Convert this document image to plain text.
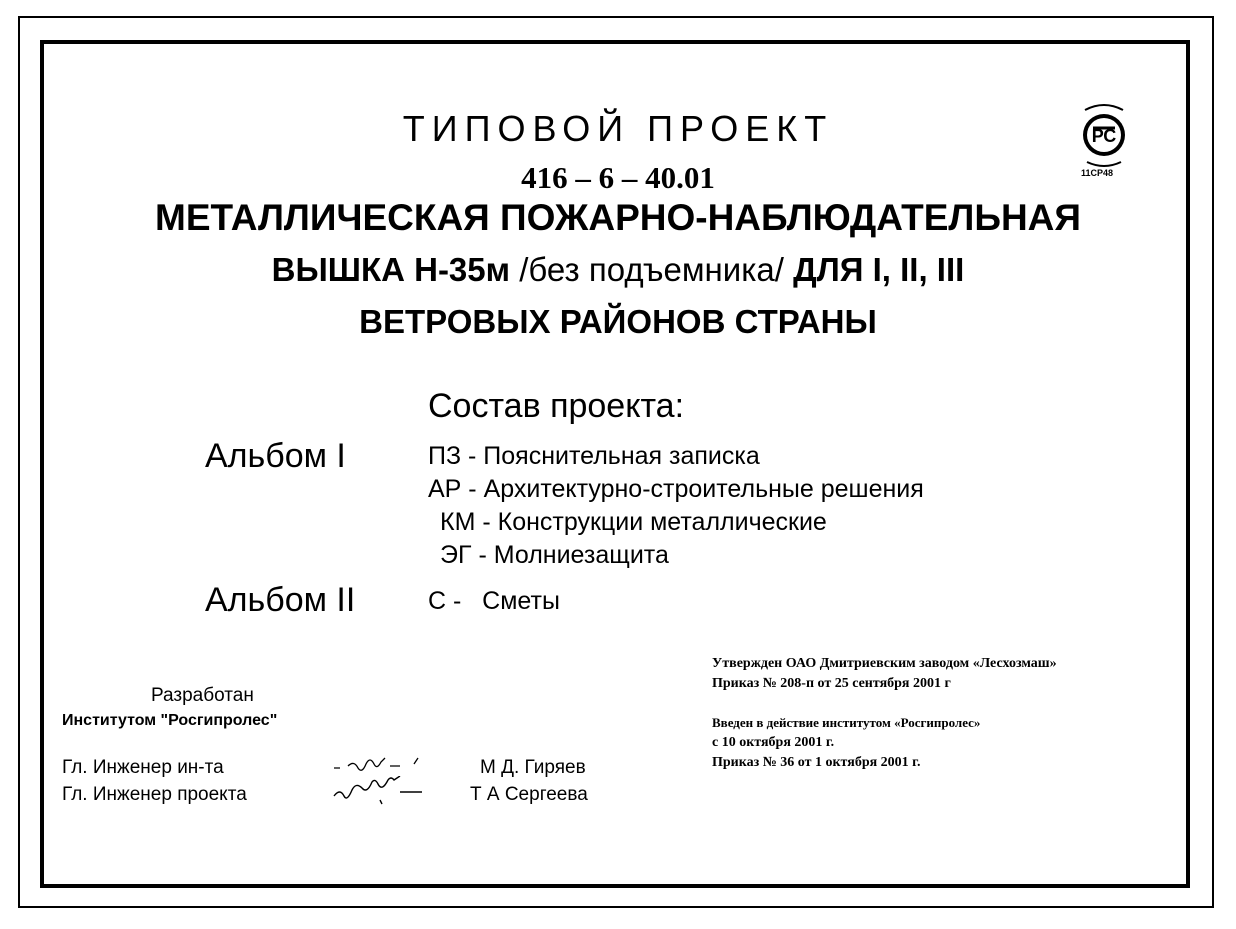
ТИПОВОЙ ПРОЕКТ
416 – 6 – 40.01
МЕТАЛЛИЧЕСКАЯ ПОЖАРНО-НАБЛЮДАТЕЛЬНАЯ
ВЫШКА Н-35м /без подъемника/ ДЛЯ I, II, III
ВЕТРОВЫХ РАЙОНОВ СТРАНЫ
РС
11CP48
Состав проекта:
Альбом I
Альбом II
ПЗ - Пояснительная записка
АР - Архитектурно-строительные решения
КМ - Конструкции металлические
ЭГ - Молниезащита
С - Сметы
Разработан
Институтом "Росгипролес"
Гл. Инженер ин-та
Гл. Инженер проекта
М Д. Гиряев
Т А Сергеева
Утвержден ОАО Дмитриевским заводом «Лесхозмаш»
Приказ № 208-п от 25 сентября 2001 г
Введен в действие институтом «Росгипролес»
с 10 октября 2001 г.
Приказ № 36 от 1 октября 2001 г.
